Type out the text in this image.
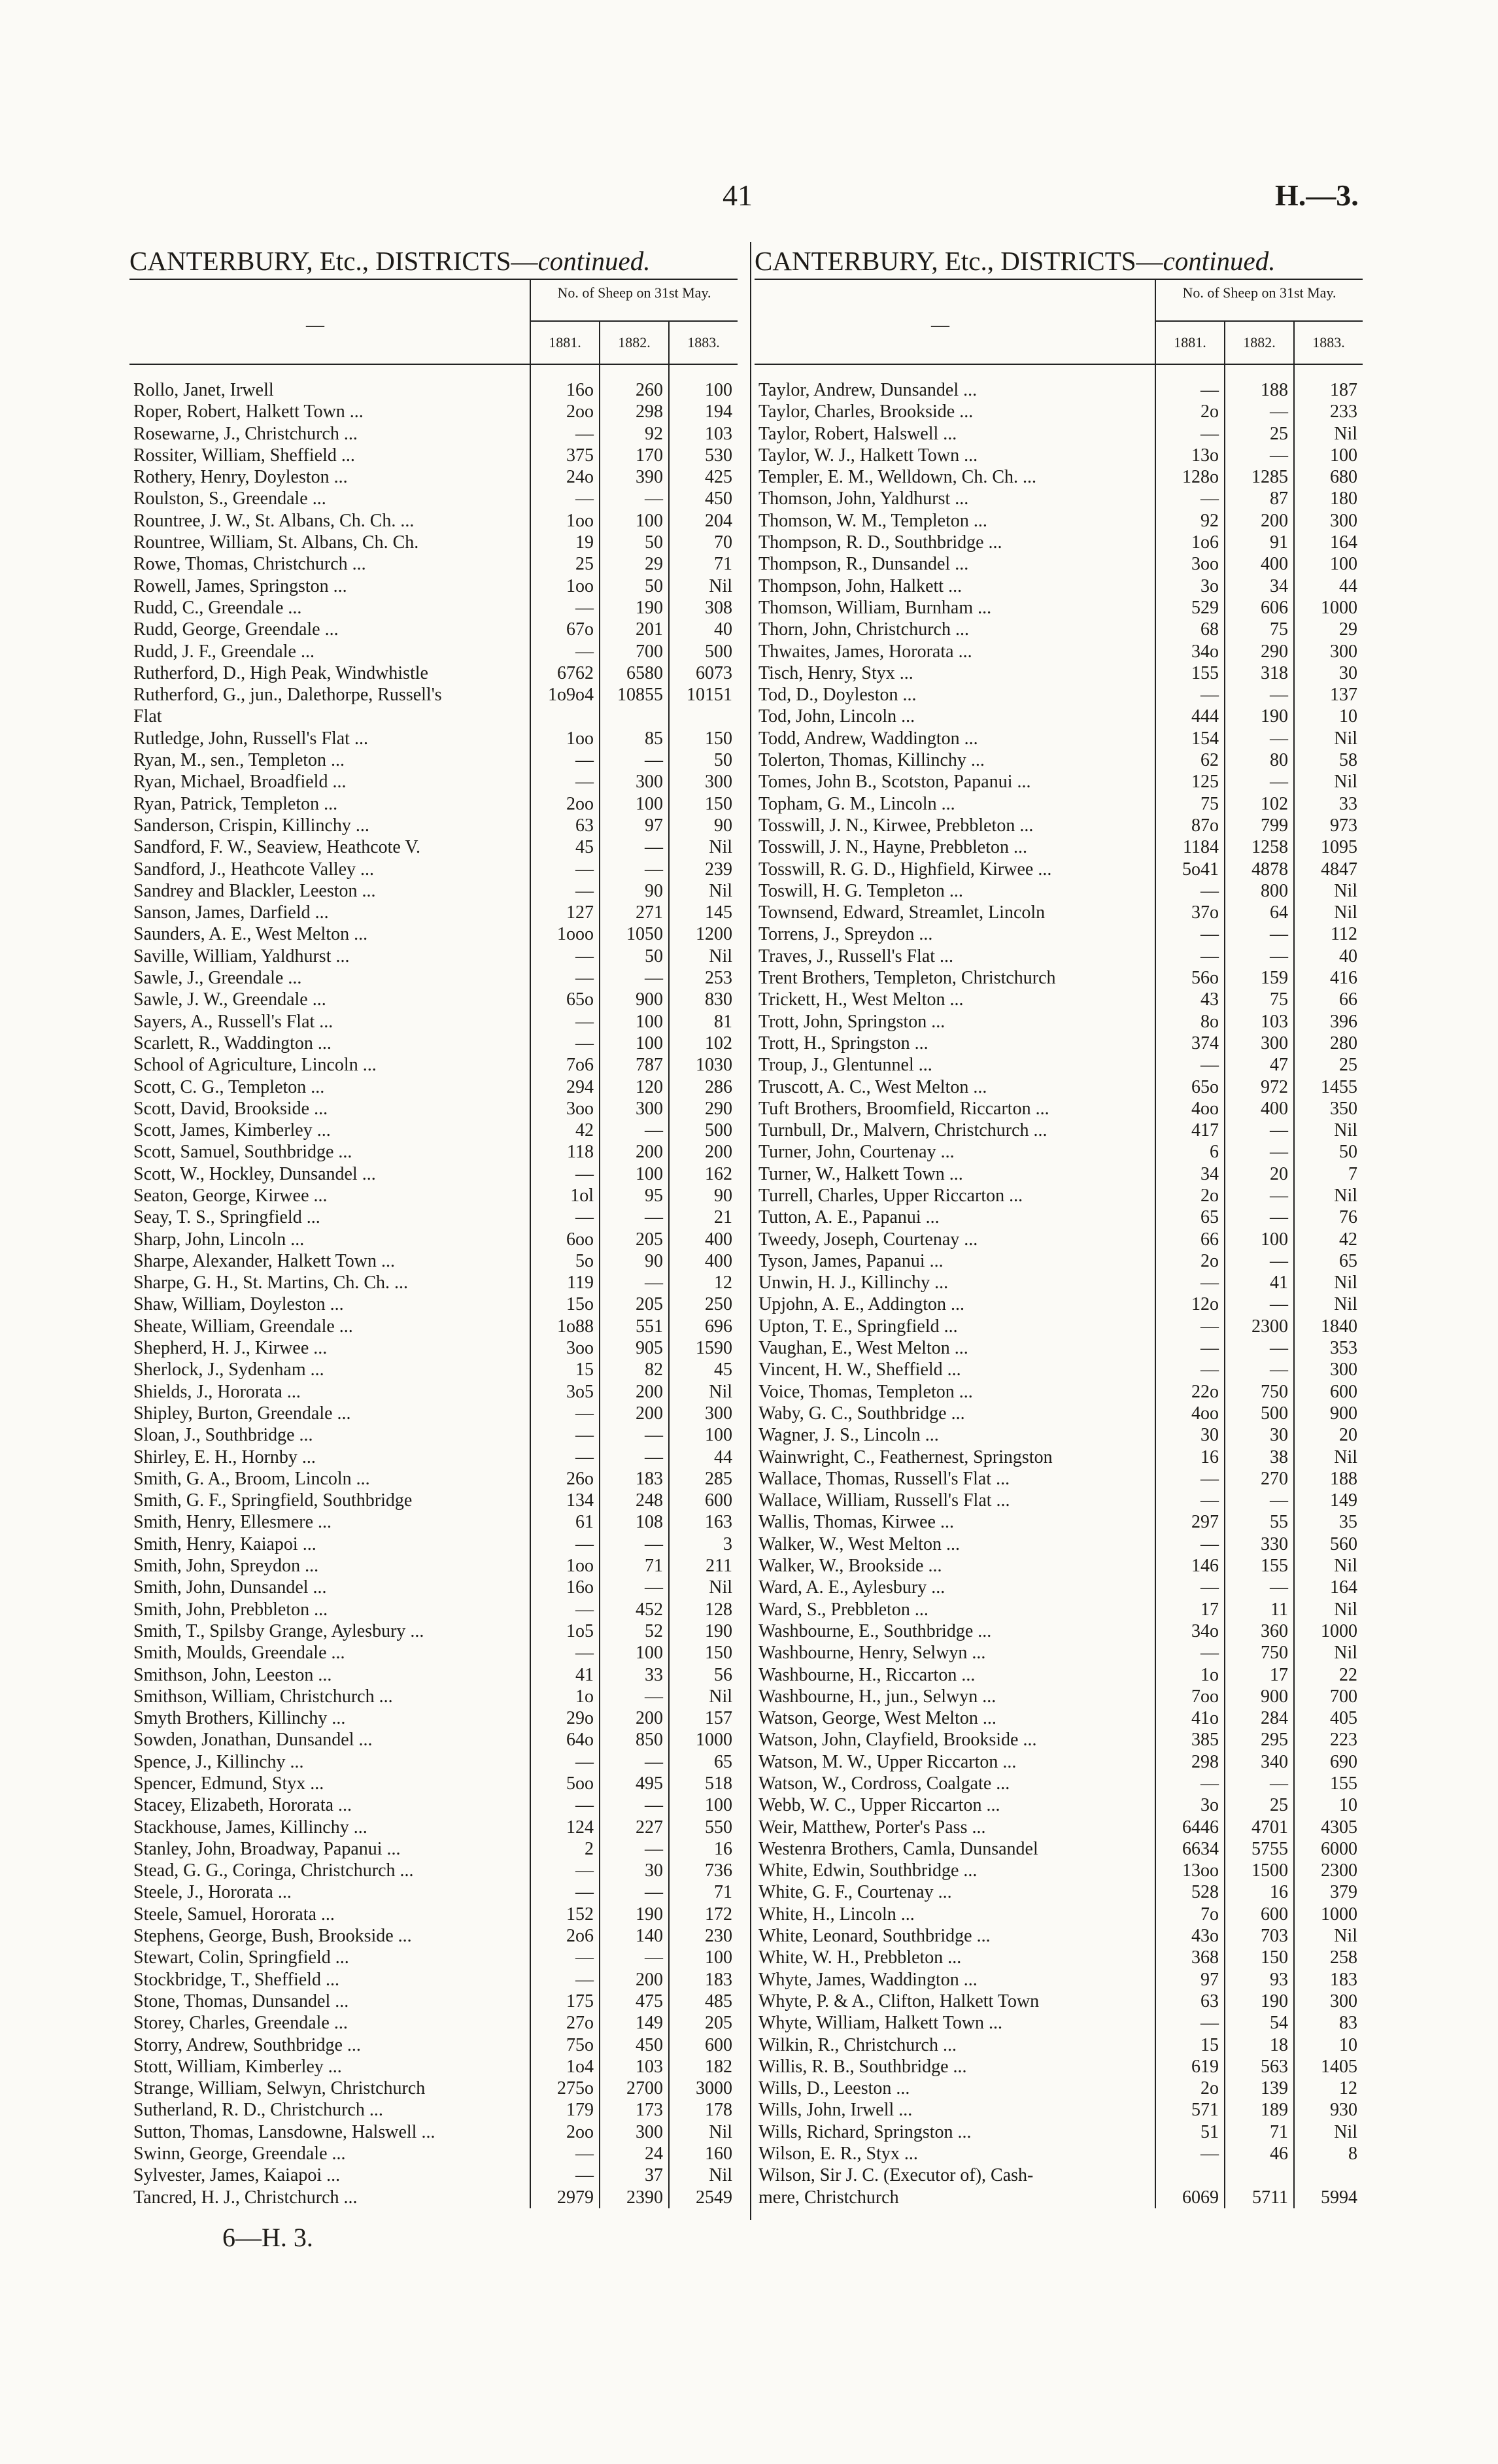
41	H.—3.
CANTERBURY, Etc., DISTRICTS—continued.
—
No. of Sheep on 31st May.
1881.	1882.	1883.
Rollo, Janet, Irwell	16o	260	100
Roper, Robert, Halkett Town ...	2oo	298	194
Rosewarne, J., Christchurch ...	—	92	103
Rossiter, William, Sheffield ...	375	170	530
Rothery, Henry, Doyleston ...	24o	390	425
Roulston, S., Greendale ...	—	—	450
Rountree, J. W., St. Albans, Ch. Ch. ...	1oo	100	204
Rountree, William, St. Albans, Ch. Ch.	19	50	70
Rowe, Thomas, Christchurch ...	25	29	71
Rowell, James, Springston ...	1oo	50	Nil
Rudd, C., Greendale ...	—	190	308
Rudd, George, Greendale ...	67o	201	40
Rudd, J. F., Greendale ...	—	700	500
Rutherford, D., High Peak, Windwhistle	6762	6580	6073
Rutherford, G., jun., Dalethorpe, Russell's	1o9o4	10855	10151
Flat
Rutledge, John, Russell's Flat ...	1oo	85	150
Ryan, M., sen., Templeton ...	—	—	50
Ryan, Michael, Broadfield ...	—	300	300
Ryan, Patrick, Templeton ...	2oo	100	150
Sanderson, Crispin, Killinchy ...	63	97	90
Sandford, F. W., Seaview, Heathcote V.	45	—	Nil
Sandford, J., Heathcote Valley ...	—	—	239
Sandrey and Blackler, Leeston ...	—	90	Nil
Sanson, James, Darfield ...	127	271	145
Saunders, A. E., West Melton ...	1ooo	1050	1200
Saville, William, Yaldhurst ...	—	50	Nil
Sawle, J., Greendale ...	—	—	253
Sawle, J. W., Greendale ...	65o	900	830
Sayers, A., Russell's Flat ...	—	100	81
Scarlett, R., Waddington ...	—	100	102
School of Agriculture, Lincoln ...	7o6	787	1030
Scott, C. G., Templeton ...	294	120	286
Scott, David, Brookside ...	3oo	300	290
Scott, James, Kimberley ...	42	—	500
Scott, Samuel, Southbridge ...	118	200	200
Scott, W., Hockley, Dunsandel ...	—	100	162
Seaton, George, Kirwee ...	1ol	95	90
Seay, T. S., Springfield ...	—	—	21
Sharp, John, Lincoln ...	6oo	205	400
Sharpe, Alexander, Halkett Town ...	5o	90	400
Sharpe, G. H., St. Martins, Ch. Ch. ...	119	—	12
Shaw, William, Doyleston ...	15o	205	250
Sheate, William, Greendale ...	1o88	551	696
Shepherd, H. J., Kirwee ...	3oo	905	1590
Sherlock, J., Sydenham ...	15	82	45
Shields, J., Hororata ...	3o5	200	Nil
Shipley, Burton, Greendale ...	—	200	300
Sloan, J., Southbridge ...	—	—	100
Shirley, E. H., Hornby ...	—	—	44
Smith, G. A., Broom, Lincoln ...	26o	183	285
Smith, G. F., Springfield, Southbridge	134	248	600
Smith, Henry, Ellesmere ...	61	108	163
Smith, Henry, Kaiapoi ...	—	—	3
Smith, John, Spreydon ...	1oo	71	211
Smith, John, Dunsandel ...	16o	—	Nil
Smith, John, Prebbleton ...	—	452	128
Smith, T., Spilsby Grange, Aylesbury ...	1o5	52	190
Smith, Moulds, Greendale ...	—	100	150
Smithson, John, Leeston ...	41	33	56
Smithson, William, Christchurch ...	1o	—	Nil
Smyth Brothers, Killinchy ...	29o	200	157
Sowden, Jonathan, Dunsandel ...	64o	850	1000
Spence, J., Killinchy ...	—	—	65
Spencer, Edmund, Styx ...	5oo	495	518
Stacey, Elizabeth, Hororata ...	—	—	100
Stackhouse, James, Killinchy ...	124	227	550
Stanley, John, Broadway, Papanui ...	2	—	16
Stead, G. G., Coringa, Christchurch ...	—	30	736
Steele, J., Hororata ...	—	—	71
Steele, Samuel, Hororata ...	152	190	172
Stephens, George, Bush, Brookside ...	2o6	140	230
Stewart, Colin, Springfield ...	—	—	100
Stockbridge, T., Sheffield ...	—	200	183
Stone, Thomas, Dunsandel ...	175	475	485
Storey, Charles, Greendale ...	27o	149	205
Storry, Andrew, Southbridge ...	75o	450	600
Stott, William, Kimberley ...	1o4	103	182
Strange, William, Selwyn, Christchurch	275o	2700	3000
Sutherland, R. D., Christchurch ...	179	173	178
Sutton, Thomas, Lansdowne, Halswell ...	2oo	300	Nil
Swinn, George, Greendale ...	—	24	160
Sylvester, James, Kaiapoi ...	—	37	Nil
Tancred, H. J., Christchurch ...	2979	2390	2549
CANTERBURY, Etc., DISTRICTS—continued.
—
No. of Sheep on 31st May.
1881.	1882.	1883.
Taylor, Andrew, Dunsandel ...	—	188	187
Taylor, Charles, Brookside ...	2o	—	233
Taylor, Robert, Halswell ...	—	25	Nil
Taylor, W. J., Halkett Town ...	13o	—	100
Templer, E. M., Welldown, Ch. Ch. ...	128o	1285	680
Thomson, John, Yaldhurst ...	—	87	180
Thomson, W. M., Templeton ...	92	200	300
Thompson, R. D., Southbridge ...	1o6	91	164
Thompson, R., Dunsandel ...	3oo	400	100
Thompson, John, Halkett ...	3o	34	44
Thomson, William, Burnham ...	529	606	1000
Thorn, John, Christchurch ...	68	75	29
Thwaites, James, Hororata ...	34o	290	300
Tisch, Henry, Styx ...	155	318	30
Tod, D., Doyleston ...	—	—	137
Tod, John, Lincoln ...	444	190	10
Todd, Andrew, Waddington ...	154	—	Nil
Tolerton, Thomas, Killinchy ...	62	80	58
Tomes, John B., Scotston, Papanui ...	125	—	Nil
Topham, G. M., Lincoln ...	75	102	33
Tosswill, J. N., Kirwee, Prebbleton ...	87o	799	973
Tosswill, J. N., Hayne, Prebbleton ...	1184	1258	1095
Tosswill, R. G. D., Highfield, Kirwee ...	5o41	4878	4847
Toswill, H. G. Templeton ...	—	800	Nil
Townsend, Edward, Streamlet, Lincoln	37o	64	Nil
Torrens, J., Spreydon ...	—	—	112
Traves, J., Russell's Flat ...	—	—	40
Trent Brothers, Templeton, Christchurch	56o	159	416
Trickett, H., West Melton ...	43	75	66
Trott, John, Springston ...	8o	103	396
Trott, H., Springston ...	374	300	280
Troup, J., Glentunnel ...	—	47	25
Truscott, A. C., West Melton ...	65o	972	1455
Tuft Brothers, Broomfield, Riccarton ...	4oo	400	350
Turnbull, Dr., Malvern, Christchurch ...	417	—	Nil
Turner, John, Courtenay ...	6	—	50
Turner, W., Halkett Town ...	34	20	7
Turrell, Charles, Upper Riccarton ...	2o	—	Nil
Tutton, A. E., Papanui ...	65	—	76
Tweedy, Joseph, Courtenay ...	66	100	42
Tyson, James, Papanui ...	2o	—	65
Unwin, H. J., Killinchy ...	—	41	Nil
Upjohn, A. E., Addington ...	12o	—	Nil
Upton, T. E., Springfield ...	—	2300	1840
Vaughan, E., West Melton ...	—	—	353
Vincent, H. W., Sheffield ...	—	—	300
Voice, Thomas, Templeton ...	22o	750	600
Waby, G. C., Southbridge ...	4oo	500	900
Wagner, J. S., Lincoln ...	30	30	20
Wainwright, C., Feathernest, Springston	16	38	Nil
Wallace, Thomas, Russell's Flat ...	—	270	188
Wallace, William, Russell's Flat ...	—	—	149
Wallis, Thomas, Kirwee ...	297	55	35
Walker, W., West Melton ...	—	330	560
Walker, W., Brookside ...	146	155	Nil
Ward, A. E., Aylesbury ...	—	—	164
Ward, S., Prebbleton ...	17	11	Nil
Washbourne, E., Southbridge ...	34o	360	1000
Washbourne, Henry, Selwyn ...	—	750	Nil
Washbourne, H., Riccarton ...	1o	17	22
Washbourne, H., jun., Selwyn ...	7oo	900	700
Watson, George, West Melton ...	41o	284	405
Watson, John, Clayfield, Brookside ...	385	295	223
Watson, M. W., Upper Riccarton ...	298	340	690
Watson, W., Cordross, Coalgate ...	—	—	155
Webb, W. C., Upper Riccarton ...	3o	25	10
Weir, Matthew, Porter's Pass ...	6446	4701	4305
Westenra Brothers, Camla, Dunsandel	6634	5755	6000
White, Edwin, Southbridge ...	13oo	1500	2300
White, G. F., Courtenay ...	528	16	379
White, H., Lincoln ...	7o	600	1000
White, Leonard, Southbridge ...	43o	703	Nil
White, W. H., Prebbleton ...	368	150	258
Whyte, James, Waddington ...	97	93	183
Whyte, P. & A., Clifton, Halkett Town	63	190	300
Whyte, William, Halkett Town ...	—	54	83
Wilkin, R., Christchurch ...	15	18	10
Willis, R. B., Southbridge ...	619	563	1405
Wills, D., Leeston ...	2o	139	12
Wills, John, Irwell ...	571	189	930
Wills, Richard, Springston ...	51	71	Nil
Wilson, E. R., Styx ...	—	46	8
Wilson, Sir J. C. (Executor of), Cash-
mere, Christchurch	6069	5711	5994
6—H. 3.
